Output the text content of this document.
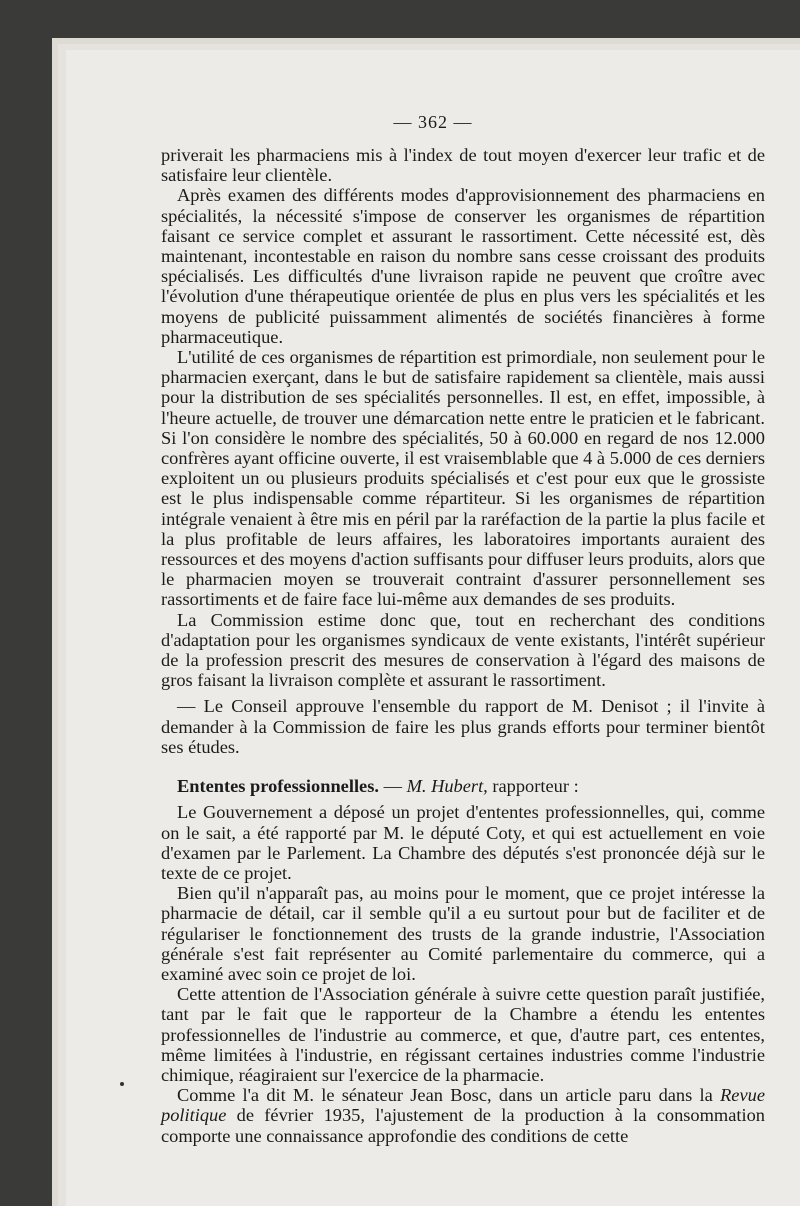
— 362 —

priverait les pharmaciens mis à l'index de tout moyen d'exercer leur trafic et de satisfaire leur clientèle.

Après examen des différents modes d'approvisionnement des pharmaciens en spécialités, la nécessité s'impose de conserver les organismes de répartition faisant ce service complet et assurant le rassortiment. Cette nécessité est, dès maintenant, incontestable en raison du nombre sans cesse croissant des produits spécialisés. Les difficultés d'une livraison rapide ne peuvent que croître avec l'évolution d'une thérapeutique orientée de plus en plus vers les spécialités et les moyens de publicité puissamment alimentés de sociétés financières à forme pharmaceutique.

L'utilité de ces organismes de répartition est primordiale, non seulement pour le pharmacien exerçant, dans le but de satisfaire rapidement sa clientèle, mais aussi pour la distribution de ses spécialités personnelles. Il est, en effet, impossible, à l'heure actuelle, de trouver une démarcation nette entre le praticien et le fabricant. Si l'on considère le nombre des spécialités, 50 à 60.000 en regard de nos 12.000 confrères ayant officine ouverte, il est vraisemblable que 4 à 5.000 de ces derniers exploitent un ou plusieurs produits spécialisés et c'est pour eux que le grossiste est le plus indispensable comme répartiteur. Si les organismes de répartition intégrale venaient à être mis en péril par la raréfaction de la partie la plus facile et la plus profitable de leurs affaires, les laboratoires importants auraient des ressources et des moyens d'action suffisants pour diffuser leurs produits, alors que le pharmacien moyen se trouverait contraint d'assurer personnellement ses rassortiments et de faire face lui-même aux demandes de ses produits.

La Commission estime donc que, tout en recherchant des conditions d'adaptation pour les organismes syndicaux de vente existants, l'intérêt supérieur de la profession prescrit des mesures de conservation à l'égard des maisons de gros faisant la livraison complète et assurant le rassortiment.

— Le Conseil approuve l'ensemble du rapport de M. Denisot ; il l'invite à demander à la Commission de faire les plus grands efforts pour terminer bientôt ses études.

Ententes professionnelles. — M. Hubert, rapporteur :

Le Gouvernement a déposé un projet d'ententes professionnelles, qui, comme on le sait, a été rapporté par M. le député Coty, et qui est actuellement en voie d'examen par le Parlement. La Chambre des députés s'est prononcée déjà sur le texte de ce projet.

Bien qu'il n'apparaît pas, au moins pour le moment, que ce projet intéresse la pharmacie de détail, car il semble qu'il a eu surtout pour but de faciliter et de régulariser le fonctionnement des trusts de la grande industrie, l'Association générale s'est fait représenter au Comité parlementaire du commerce, qui a examiné avec soin ce projet de loi.

Cette attention de l'Association générale à suivre cette question paraît justifiée, tant par le fait que le rapporteur de la Chambre a étendu les ententes professionnelles de l'industrie au commerce, et que, d'autre part, ces ententes, même limitées à l'industrie, en régissant certaines industries comme l'industrie chimique, réagiraient sur l'exercice de la pharmacie.

Comme l'a dit M. le sénateur Jean Bosc, dans un article paru dans la Revue politique de février 1935, l'ajustement de la production à la consommation comporte une connaissance approfondie des conditions de cette
